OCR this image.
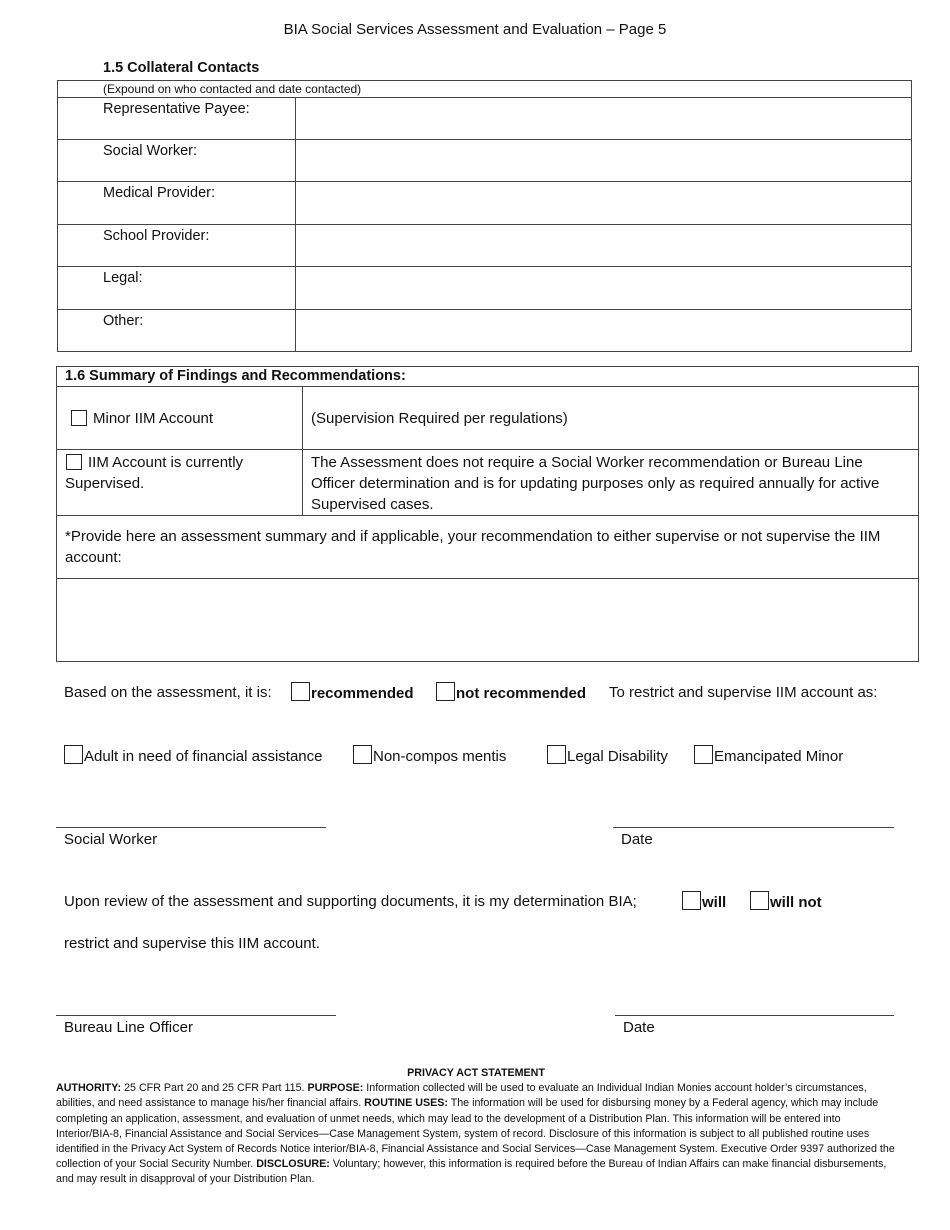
BIA Social Services Assessment and Evaluation – Page 5
1.5 Collateral Contacts
(Expound on who contacted and date contacted)	
Representative Payee:	
Social Worker:	
Medical Provider:	
School Provider:	
Legal:	
Other:	
1.6 Summary of Findings and Recommendations:	
Minor IIM Account	(Supervision Required per regulations)

IIM Account is currently Supervised.	The Assessment does not require a Social Worker recommendation or Bureau Line Officer determination and is for updating purposes only as required annually for active Supervised cases.
*Provide here an assessment summary and if applicable, your recommendation to either supervise or not supervise the IIM account:	

Based on the assessment, it is:	recommended	not recommended To restrict and supervise IIM account as:
Adult in need of financial assistance	Non-compos mentis	Legal Disability	Emancipated Minor
Social Worker	Date
Upon review of the assessment and supporting documents, it is my determination BIA;
restrict and supervise this IIM account.
will	will not
Bureau Line Officer	Date
PRIVACY ACT STATEMENT
AUTHORITY: 25 CFR Part 20 and 25 CFR Part 115. PURPOSE: Information collected will be used to evaluate an Individual Indian Monies account holder’s circumstances, abilities, and need assistance to manage his/her financial affairs. ROUTINE USES: The information will be used for disbursing money by a Federal agency, which may include completing an application, assessment, and evaluation of unmet needs, which may lead to the development of a Distribution Plan. This information will be entered into Interior/BIA-8, Financial Assistance and Social Services—Case Management System, system of record. Disclosure of this information is subject to all published routine uses identified in the Privacy Act System of Records Notice interior/BIA-8, Financial Assistance and Social Services—Case Management System. Executive Order 9397 authorized the collection of your Social Security Number. DISCLOSURE: Voluntary; however, this information is required before the Bureau of Indian Affairs can make financial disbursements, and may result in disapproval of your Distribution Plan.
